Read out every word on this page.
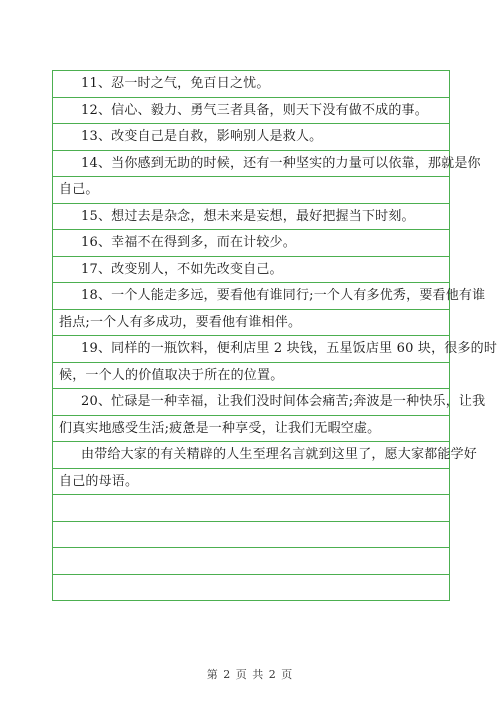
11、忍一时之气，免百日之忧。
12、信心、毅力、勇气三者具备，则天下没有做不成的事。
13、改变自己是自救，影响别人是救人。
14、当你感到无助的时候，还有一种坚实的力量可以依靠，那就是你
自己。
15、想过去是杂念，想未来是妄想，最好把握当下时刻。
16、幸福不在得到多，而在计较少。
17、改变别人，不如先改变自己。
18、一个人能走多远，要看他有谁同行;一个人有多优秀，要看他有谁
指点;一个人有多成功，要看他有谁相伴。
19、同样的一瓶饮料，便利店里 2 块钱，五星饭店里 60 块，很多的时
候，一个人的价值取决于所在的位置。
20、忙碌是一种幸福，让我们没时间体会痛苦;奔波是一种快乐，让我
们真实地感受生活;疲惫是一种享受，让我们无暇空虚。
由带给大家的有关精辟的人生至理名言就到这里了，愿大家都能学好
自己的母语。
第 2 页 共 2 页
